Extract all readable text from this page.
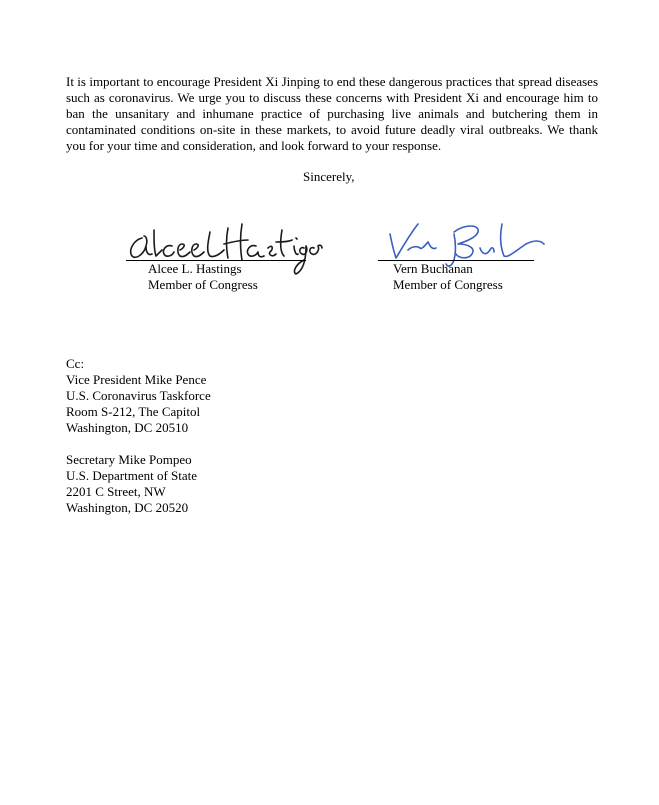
It is important to encourage President Xi Jinping to end these dangerous practices that spread diseases such as coronavirus. We urge you to discuss these concerns with President Xi and encourage him to ban the unsanitary and inhumane practice of purchasing live animals and butchering them in contaminated conditions on-site in these markets, to avoid future deadly viral outbreaks. We thank you for your time and consideration, and look forward to your response.

Sincerely,
Alcee L. Hastings
Member of Congress
Vern Buchanan
Member of Congress
Cc:
Vice President Mike Pence
U.S. Coronavirus Taskforce
Room S-212, The Capitol
Washington, DC 20510
Secretary Mike Pompeo
U.S. Department of State
2201 C Street, NW
Washington, DC 20520
